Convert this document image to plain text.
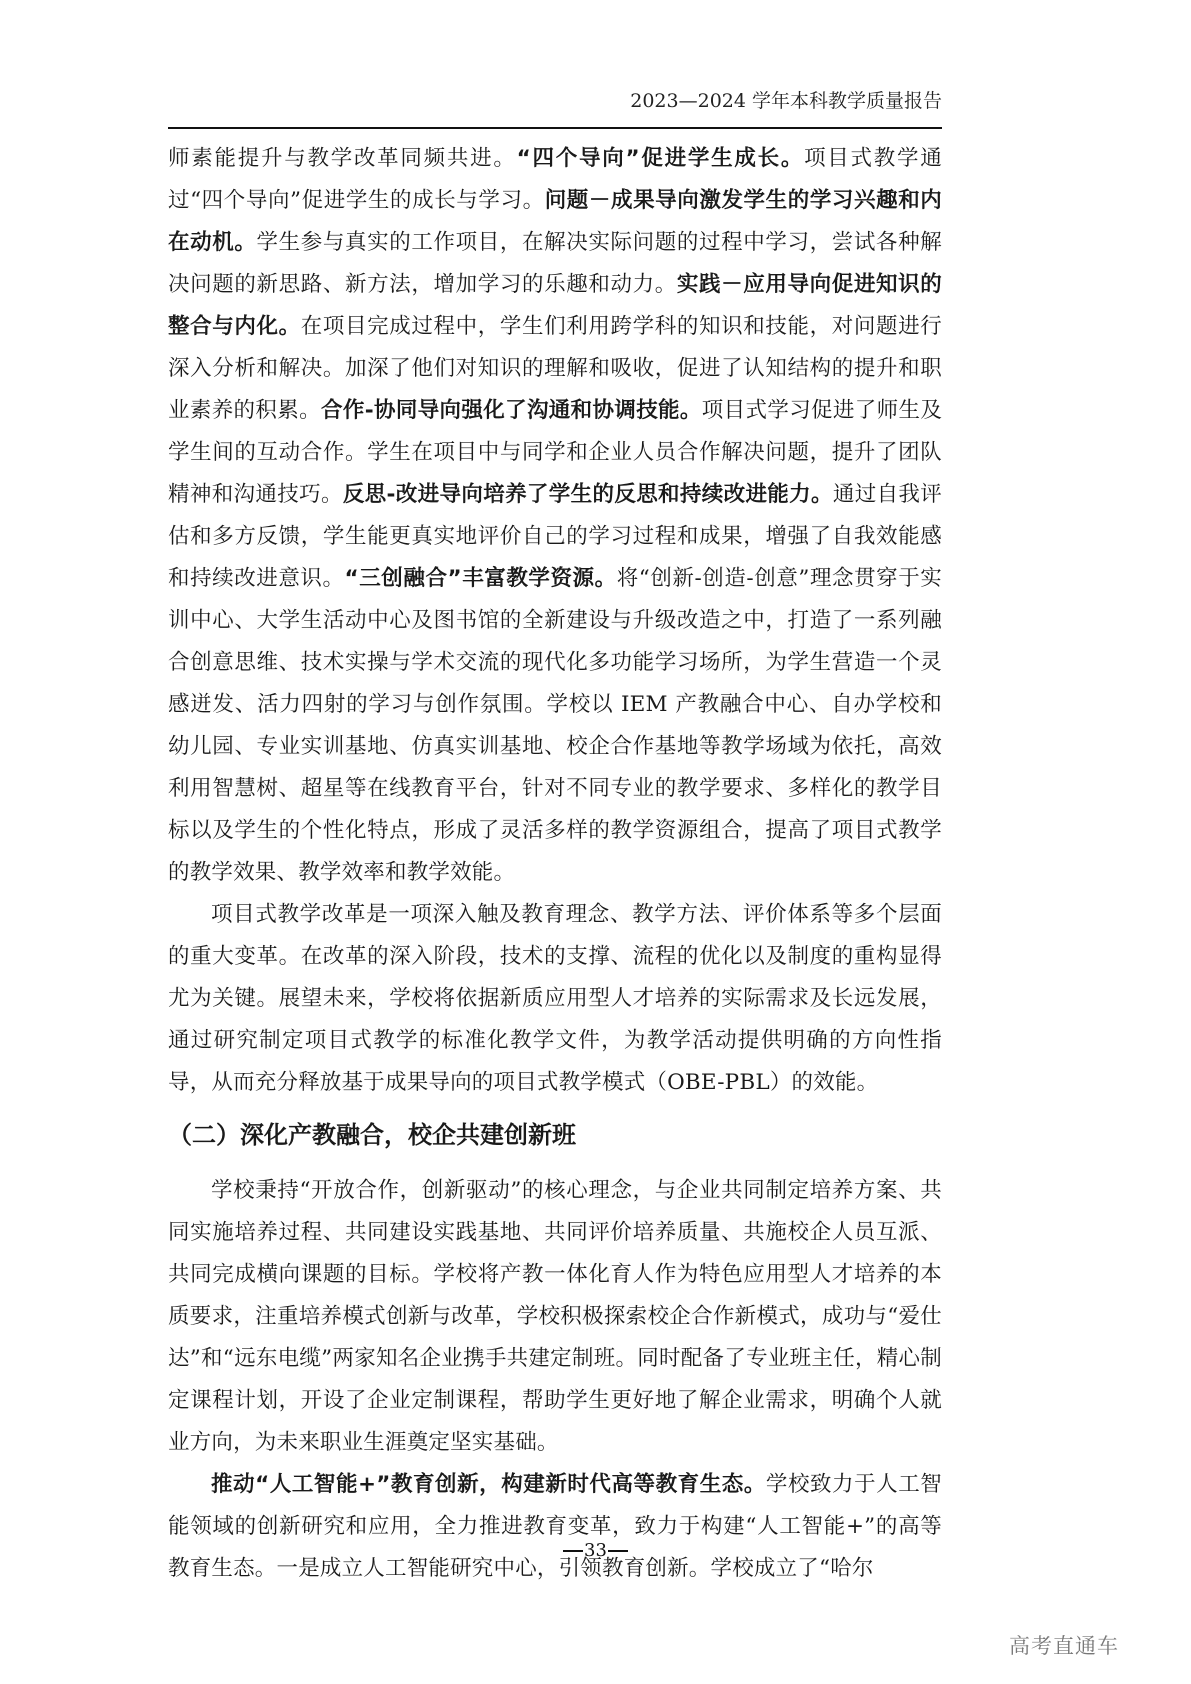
2023—2024 学年本科教学质量报告

师素能提升与教学改革同频共进。“四个导向”促进学生成长。项目式教学通过“四个导向”促进学生的成长与学习。问题－成果导向激发学生的学习兴趣和内在动机。学生参与真实的工作项目，在解决实际问题的过程中学习，尝试各种解决问题的新思路、新方法，增加学习的乐趣和动力。实践－应用导向促进知识的整合与内化。在项目完成过程中，学生们利用跨学科的知识和技能，对问题进行深入分析和解决。加深了他们对知识的理解和吸收，促进了认知结构的提升和职业素养的积累。合作-协同导向强化了沟通和协调技能。项目式学习促进了师生及学生间的互动合作。学生在项目中与同学和企业人员合作解决问题，提升了团队精神和沟通技巧。反思-改进导向培养了学生的反思和持续改进能力。通过自我评估和多方反馈，学生能更真实地评价自己的学习过程和成果，增强了自我效能感和持续改进意识。“三创融合”丰富教学资源。将“创新-创造-创意”理念贯穿于实训中心、大学生活动中心及图书馆的全新建设与升级改造之中，打造了一系列融合创意思维、技术实操与学术交流的现代化多功能学习场所，为学生营造一个灵感迸发、活力四射的学习与创作氛围。学校以 IEM 产教融合中心、自办学校和幼儿园、专业实训基地、仿真实训基地、校企合作基地等教学场域为依托，高效利用智慧树、超星等在线教育平台，针对不同专业的教学要求、多样化的教学目标以及学生的个性化特点，形成了灵活多样的教学资源组合，提高了项目式教学的教学效果、教学效率和教学效能。

项目式教学改革是一项深入触及教育理念、教学方法、评价体系等多个层面的重大变革。在改革的深入阶段，技术的支撑、流程的优化以及制度的重构显得尤为关键。展望未来，学校将依据新质应用型人才培养的实际需求及长远发展，通过研究制定项目式教学的标准化教学文件，为教学活动提供明确的方向性指导，从而充分释放基于成果导向的项目式教学模式（OBE-PBL）的效能。

（二）深化产教融合，校企共建创新班

学校秉持“开放合作，创新驱动”的核心理念，与企业共同制定培养方案、共同实施培养过程、共同建设实践基地、共同评价培养质量、共施校企人员互派、共同完成横向课题的目标。学校将产教一体化育人作为特色应用型人才培养的本质要求，注重培养模式创新与改革，学校积极探索校企合作新模式，成功与“爱仕达”和“远东电缆”两家知名企业携手共建定制班。同时配备了专业班主任，精心制定课程计划，开设了企业定制课程，帮助学生更好地了解企业需求，明确个人就业方向，为未来职业生涯奠定坚实基础。

推动“人工智能+”教育创新，构建新时代高等教育生态。学校致力于人工智能领域的创新研究和应用，全力推进教育变革，致力于构建“人工智能+”的高等教育生态。一是成立人工智能研究中心，引领教育创新。学校成立了“哈尔

33
高考直通车
